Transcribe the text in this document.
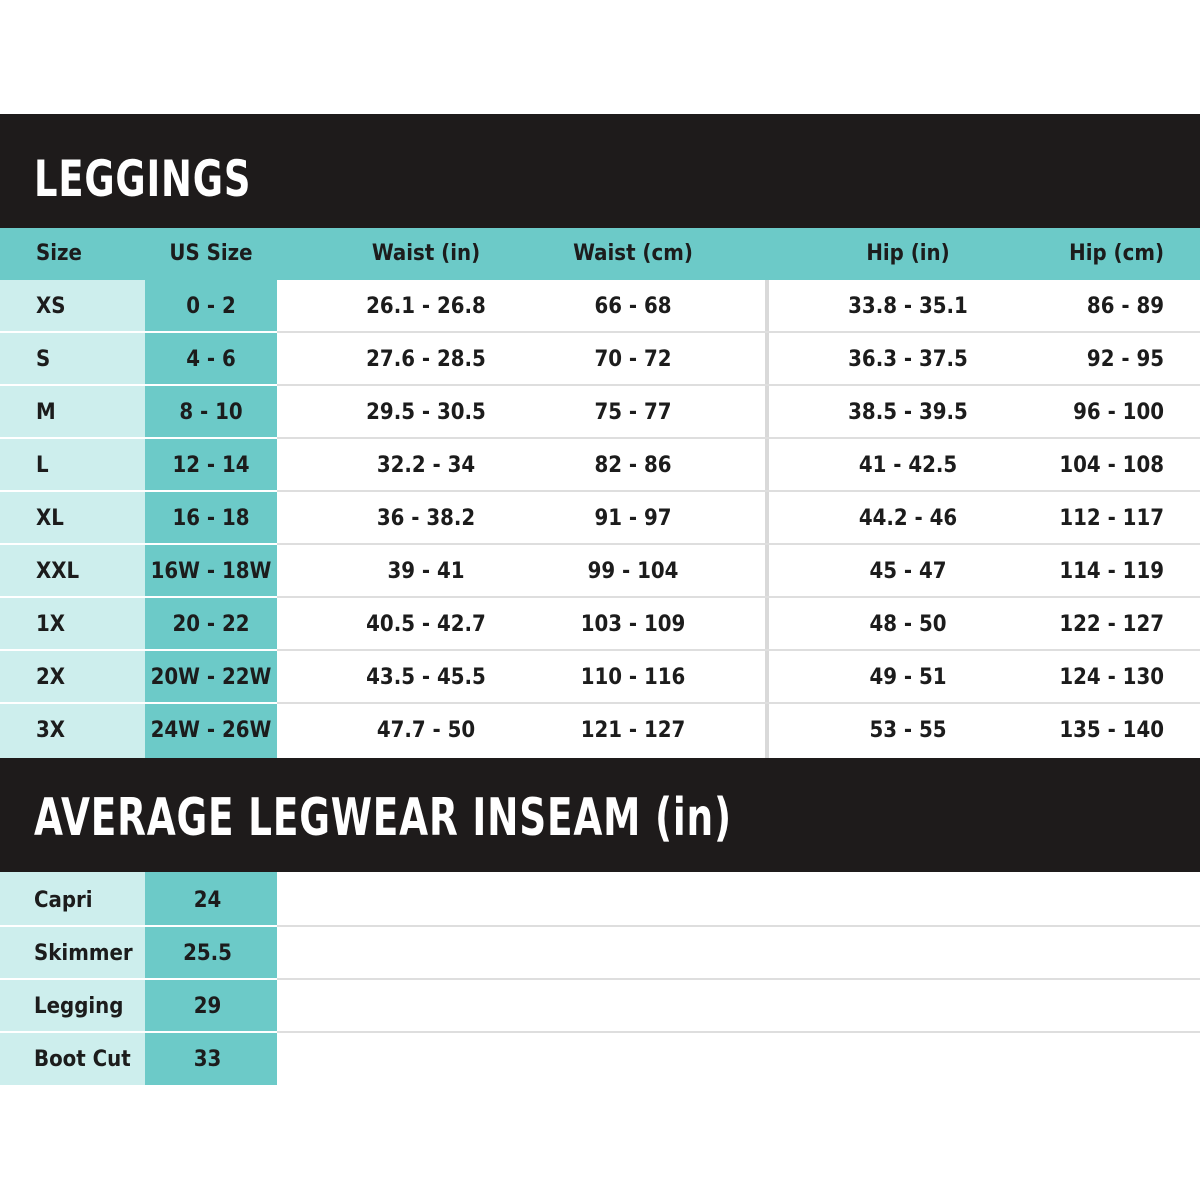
LEGGINGS
Size	US Size	Waist (in)	Waist (cm)	Hip (in)	Hip (cm)
XS	0 - 2	26.1 - 26.8	66 - 68	33.8 - 35.1	86 - 89
S	4 - 6	27.6 - 28.5	70 - 72	36.3 - 37.5	92 - 95
M	8 - 10	29.5 - 30.5	75 - 77	38.5 - 39.5	96 - 100
L	12 - 14	32.2 - 34	82 - 86	41 - 42.5	104 - 108
XL	16 - 18	36 - 38.2	91 - 97	44.2 - 46	112 - 117
XXL	16W - 18W	39 - 41	99 - 104	45 - 47	114 - 119
1X	20 - 22	40.5 - 42.7	103 - 109	48 - 50	122 - 127
2X	20W - 22W	43.5 - 45.5	110 - 116	49 - 51	124 - 130
3X	24W - 26W	47.7 - 50	121 - 127	53 - 55	135 - 140
AVERAGE LEGWEAR INSEAM (in)
Capri	24
Skimmer	25.5
Legging	29
Boot Cut	33
